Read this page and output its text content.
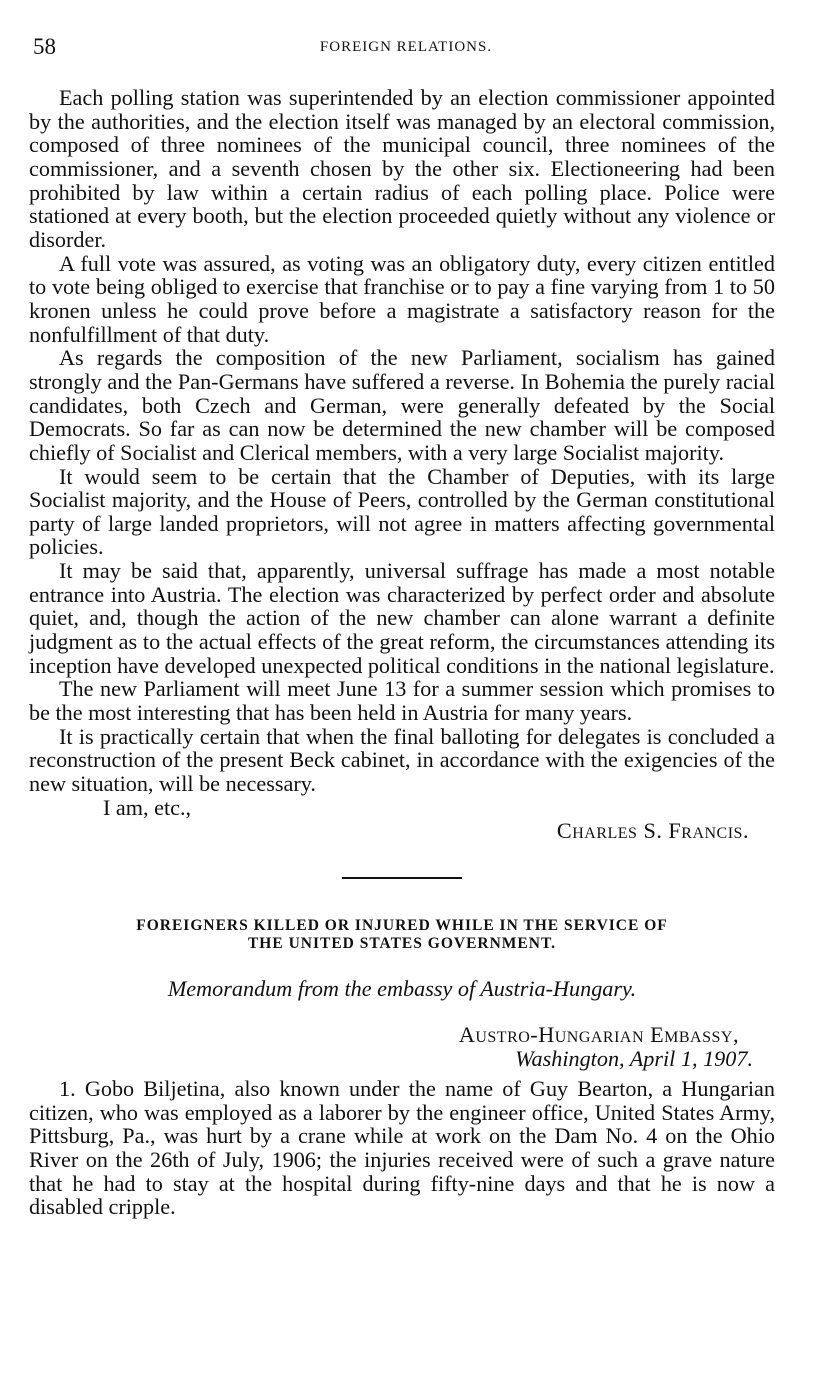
58	FOREIGN RELATIONS.

Each polling station was superintended by an election commissioner appointed by the authorities, and the election itself was managed by an electoral commission, composed of three nominees of the municipal council, three nominees of the commissioner, and a seventh chosen by the other six. Electioneering had been prohibited by law within a certain radius of each polling place. Police were stationed at every booth, but the election proceeded quietly without any violence or disorder.

A full vote was assured, as voting was an obligatory duty, every citizen entitled to vote being obliged to exercise that franchise or to pay a fine varying from 1 to 50 kronen unless he could prove before a magistrate a satisfactory reason for the nonfulfillment of that duty.

As regards the composition of the new Parliament, socialism has gained strongly and the Pan-Germans have suffered a reverse. In Bohemia the purely racial candidates, both Czech and German, were generally defeated by the Social Democrats. So far as can now be determined the new chamber will be composed chiefly of Socialist and Clerical members, with a very large Socialist majority.

It would seem to be certain that the Chamber of Deputies, with its large Socialist majority, and the House of Peers, controlled by the German constitutional party of large landed proprietors, will not agree in matters affecting governmental policies.

It may be said that, apparently, universal suffrage has made a most notable entrance into Austria. The election was characterized by perfect order and absolute quiet, and, though the action of the new chamber can alone warrant a definite judgment as to the actual effects of the great reform, the circumstances attending its inception have developed unexpected political conditions in the national legislature.

The new Parliament will meet June 13 for a summer session which promises to be the most interesting that has been held in Austria for many years.

It is practically certain that when the final balloting for delegates is concluded a reconstruction of the present Beck cabinet, in accordance with the exigencies of the new situation, will be necessary.

I am, etc.,

Charles S. Francis.

FOREIGNERS KILLED OR INJURED WHILE IN THE SERVICE OF
THE UNITED STATES GOVERNMENT.

Memorandum from the embassy of Austria-Hungary.

Austro-Hungarian Embassy,

Washington, April 1, 1907.

1. Gobo Biljetina, also known under the name of Guy Bearton, a Hungarian citizen, who was employed as a laborer by the engineer office, United States Army, Pittsburg, Pa., was hurt by a crane while at work on the Dam No. 4 on the Ohio River on the 26th of July, 1906; the injuries received were of such a grave nature that he had to stay at the hospital during fifty-nine days and that he is now a disabled cripple.
